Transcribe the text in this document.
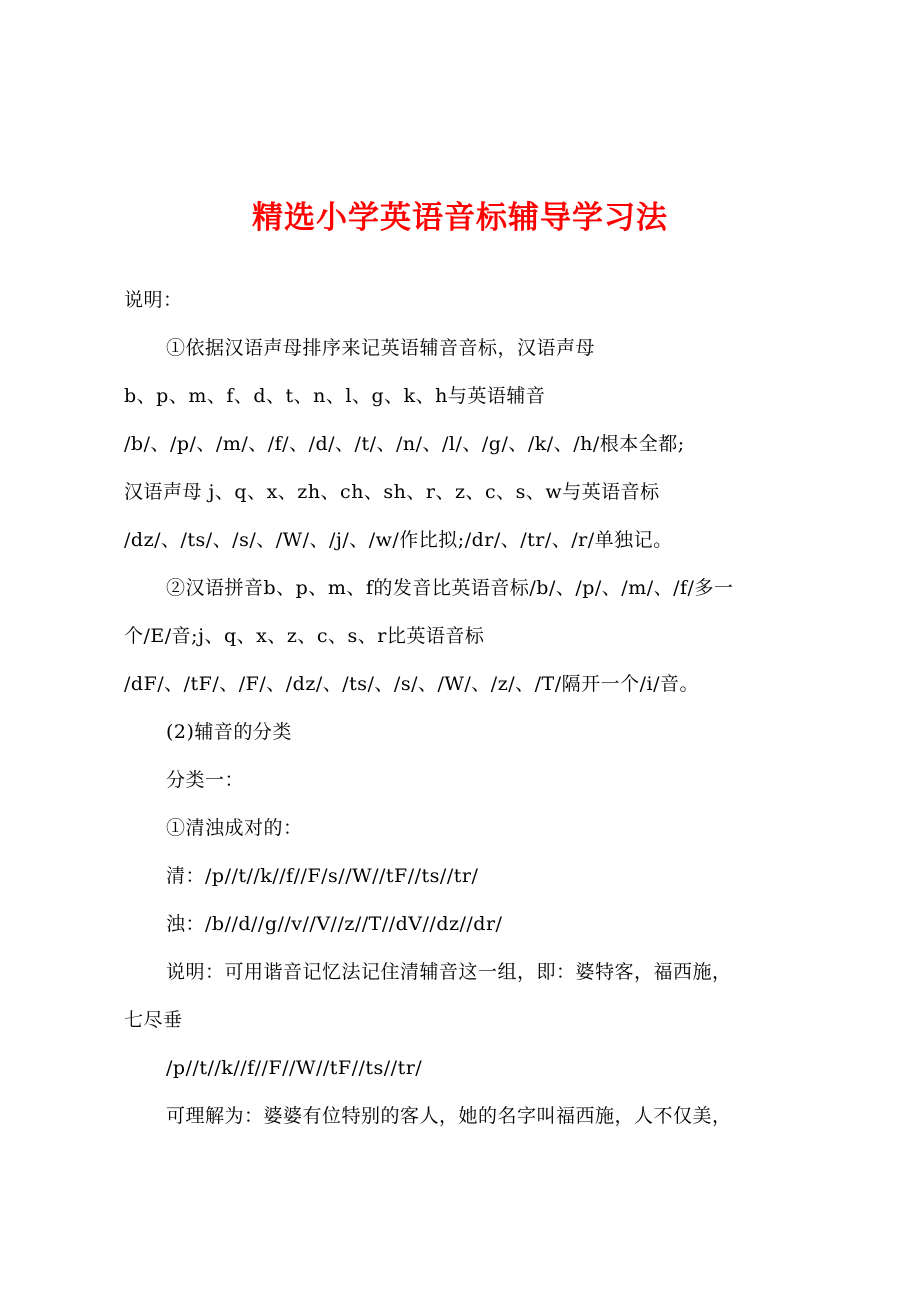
精选小学英语音标辅导学习法
说明：
①依据汉语声母排序来记英语辅音音标，汉语声母
b、p、m、f、d、t、n、l、g、k、h与英语辅音
/b/、/p/、/m/、/f/、/d/、/t/、/n/、/l/、/g/、/k/、/h/根本全都;
汉语声母 j、q、x、zh、ch、sh、r、z、c、s、w与英语音标
/dz/、/ts/、/s/、/W/、/j/、/w/作比拟;/dr/、/tr/、/r/单独记。
②汉语拼音b、p、m、f的发音比英语音标/b/、/p/、/m/、/f/多一
个/E/音;j、q、x、z、c、s、r比英语音标
/dF/、/tF/、/F/、/dz/、/ts/、/s/、/W/、/z/、/T/隔开一个/i/音。
(2)辅音的分类
分类一：
①清浊成对的：
清：/p//t//k//f//F/s//W//tF//ts//tr/
浊：/b//d//g//v//V//z//T//dV//dz//dr/
说明：可用谐音记忆法记住清辅音这一组，即：婆特客，福西施，
七尽垂
/p//t//k//f//F//W//tF//ts//tr/
可理解为：婆婆有位特别的客人，她的名字叫福西施，人不仅美，
